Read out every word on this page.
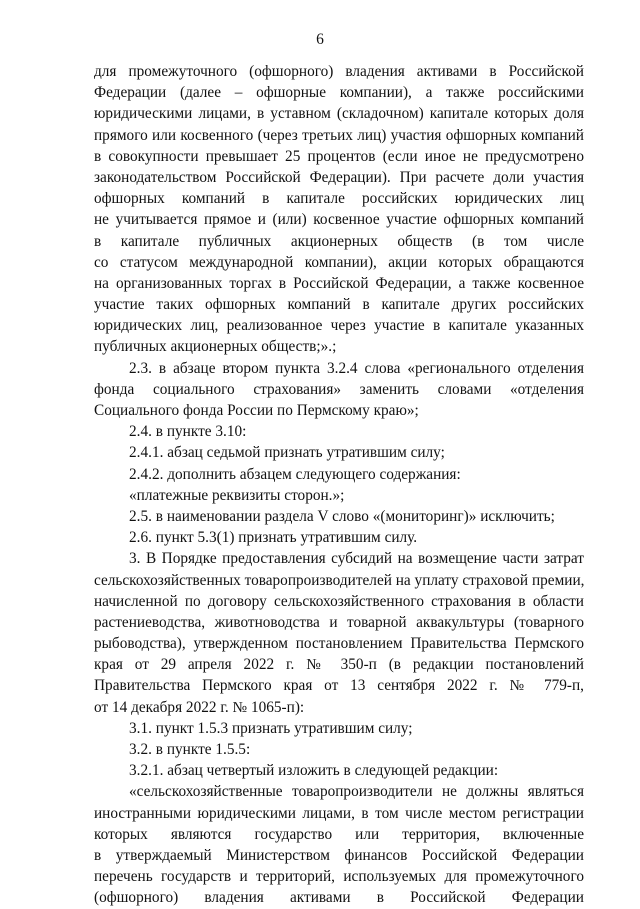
6
для промежуточного (офшорного) владения активами в Российской
Федерации (далее – офшорные компании), а также российскими
юридическими лицами, в уставном (складочном) капитале которых доля
прямого или косвенного (через третьих лиц) участия офшорных компаний
в совокупности превышает 25 процентов (если иное не предусмотрено
законодательством Российской Федерации). При расчете доли участия
офшорных компаний в капитале российских юридических лиц
не учитывается прямое и (или) косвенное участие офшорных компаний
в капитале публичных акционерных обществ (в том числе
со статусом международной компании), акции которых обращаются
на организованных торгах в Российской Федерации, а также косвенное
участие таких офшорных компаний в капитале других российских
юридических лиц, реализованное через участие в капитале указанных
публичных акционерных обществ;».;
2.3. в абзаце втором пункта 3.2.4 слова «регионального отделения
фонда социального страхования» заменить словами «отделения
Социального фонда России по Пермскому краю»;
2.4. в пункте 3.10:
2.4.1. абзац седьмой признать утратившим силу;
2.4.2. дополнить абзацем следующего содержания:
«платежные реквизиты сторон.»;
2.5. в наименовании раздела V слово «(мониторинг)» исключить;
2.6. пункт 5.3(1) признать утратившим силу.
3. В Порядке предоставления субсидий на возмещение части затрат
сельскохозяйственных товаропроизводителей на уплату страховой премии,
начисленной по договору сельскохозяйственного страхования в области
растениеводства, животноводства и товарной аквакультуры (товарного
рыбоводства), утвержденном постановлением Правительства Пермского
края от 29 апреля 2022 г. № 350-п (в редакции постановлений
Правительства Пермского края от 13 сентября 2022 г. № 779-п,
от 14 декабря 2022 г. № 1065-п):
3.1. пункт 1.5.3 признать утратившим силу;
3.2. в пункте 1.5.5:
3.2.1. абзац четвертый изложить в следующей редакции:
«сельскохозяйственные товаропроизводители не должны являться
иностранными юридическими лицами, в том числе местом регистрации
которых являются государство или территория, включенные
в утверждаемый Министерством финансов Российской Федерации
перечень государств и территорий, используемых для промежуточного
(офшорного) владения активами в Российской Федерации
